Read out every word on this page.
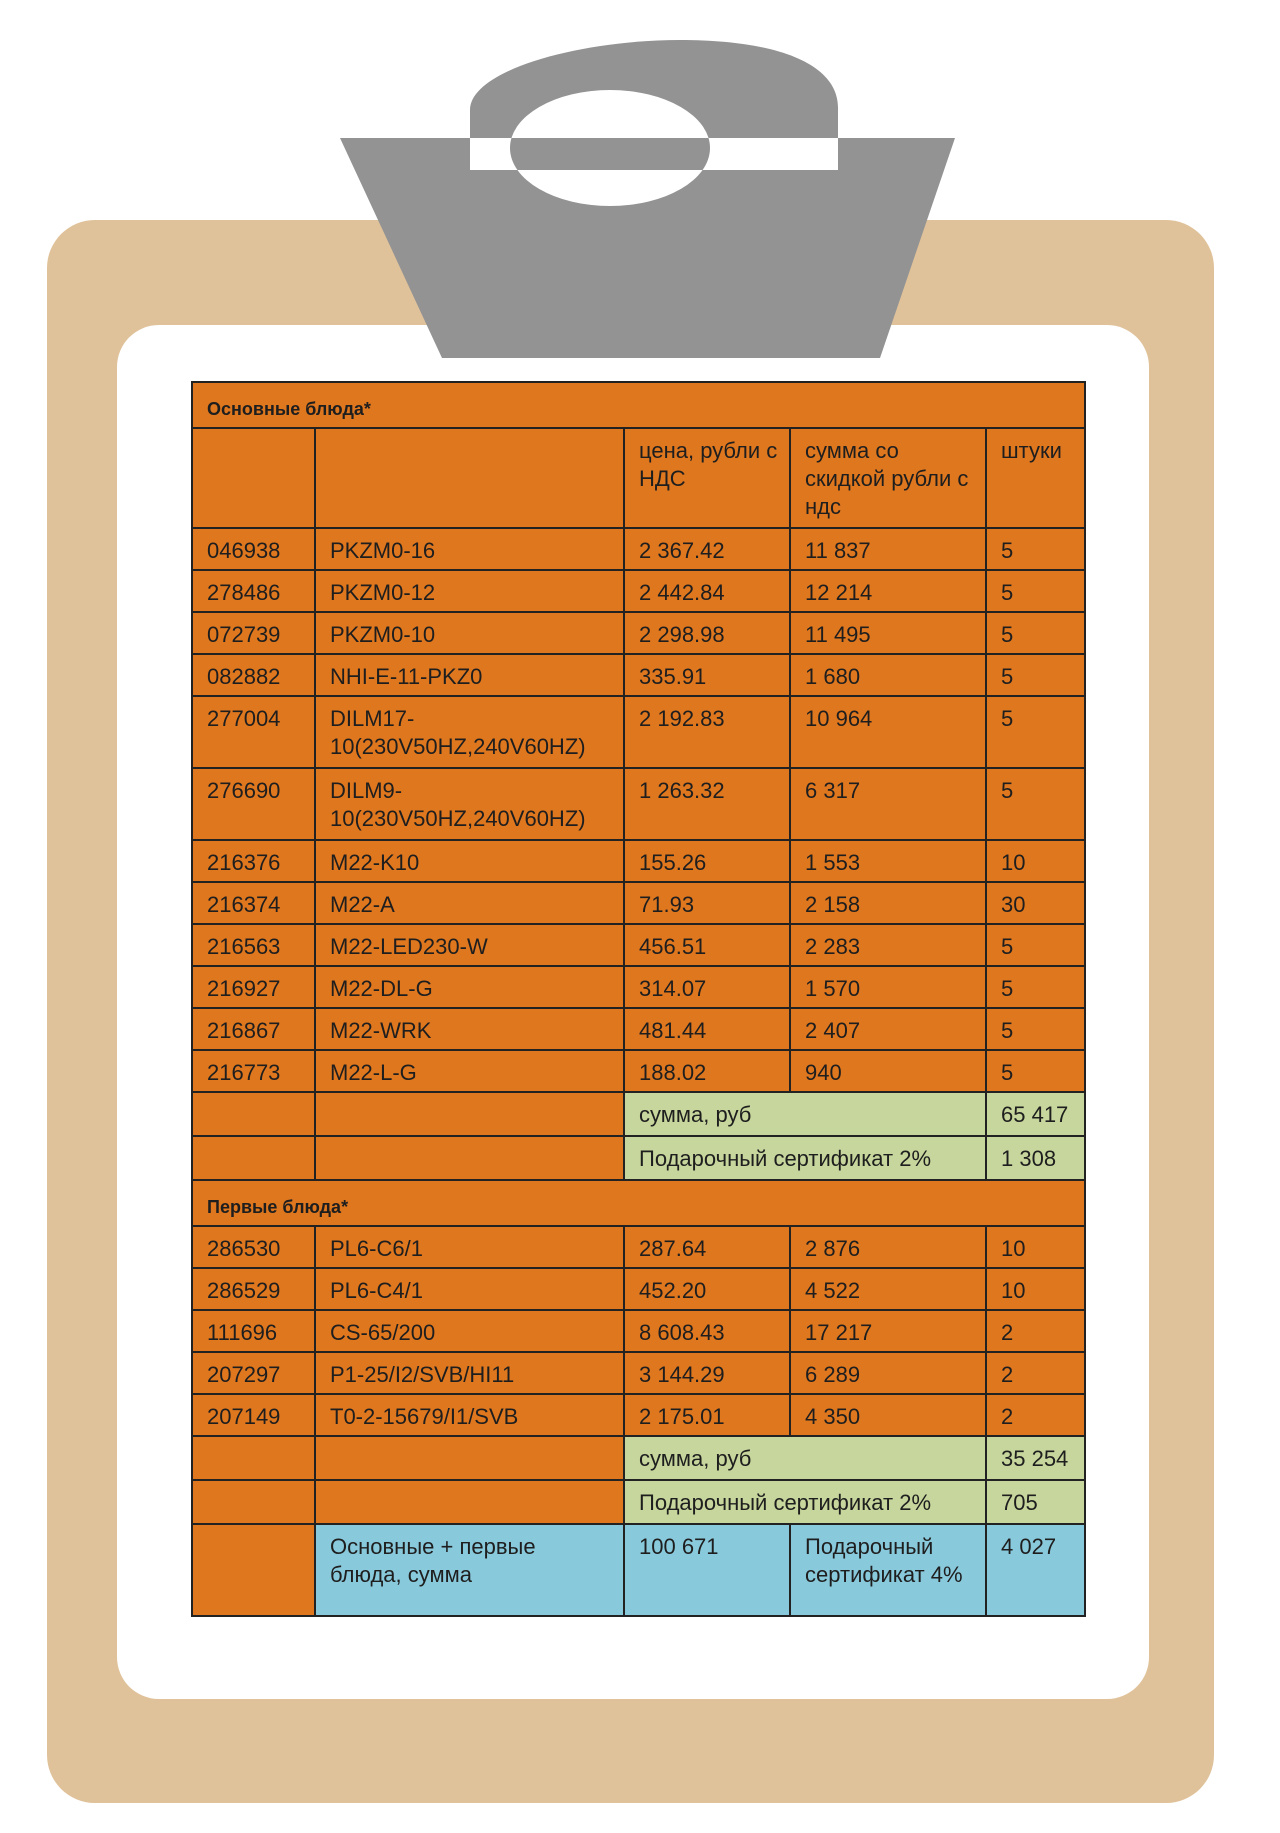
Основные блюда*				
		цена, рубли с НДС	сумма со скидкой рубли с ндс	штуки
046938	PKZM0-16	2 367.42	11 837	5
278486	PKZM0-12	2 442.84	12 214	5
072739	PKZM0-10	2 298.98	11 495	5
082882	NHI-E-11-PKZ0	335.91	1 680	5
277004	DILM17-10(230V50HZ,240V60HZ)	2 192.83	10 964	5
276690	DILM9-10(230V50HZ,240V60HZ)	1 263.32	6 317	5
216376	M22-K10	155.26	1 553	10
216374	M22-A	71.93	2 158	30
216563	M22-LED230-W	456.51	2 283	5
216927	M22-DL-G	314.07	1 570	5
216867	M22-WRK	481.44	2 407	5
216773	M22-L-G	188.02	940	5
		сумма, руб		65 417
		Подарочный сертификат 2%		1 308
Первые блюда*				
286530	PL6-C6/1	287.64	2 876	10
286529	PL6-C4/1	452.20	4 522	10
111696	CS-65/200	8 608.43	17 217	2
207297	P1-25/I2/SVB/HI11	3 144.29	6 289	2
207149	T0-2-15679/I1/SVB	2 175.01	4 350	2
		сумма, руб		35 254
		Подарочный сертификат 2%		705
	Основные + первые блюда, сумма	100 671	Подарочный сертификат 4%	4 027
